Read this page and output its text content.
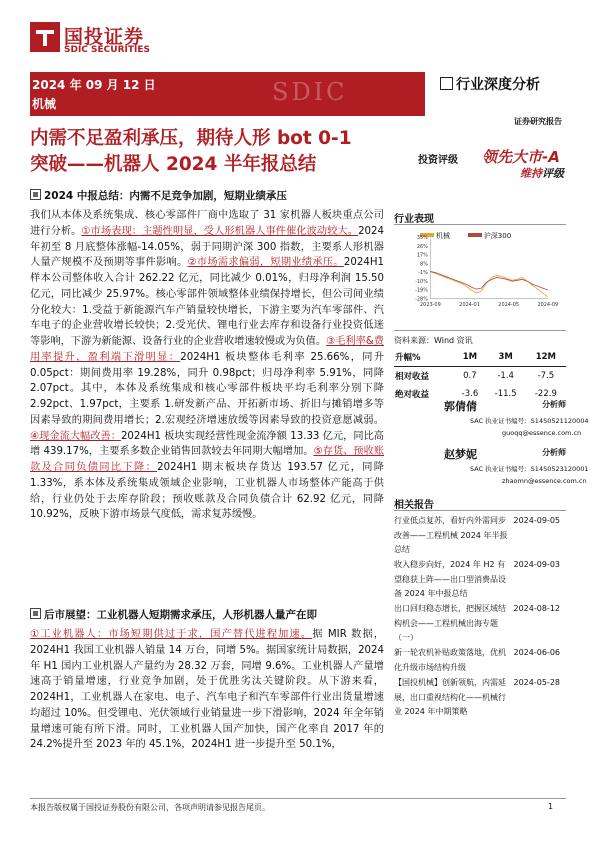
国投证券
SDIC SECURITIES
2024 年 09 月 12 日
机械	SDIC	行业深度分析
证券研究报告
内需不足盈利承压，期待人形 bot 0-1
突破——机器人 2024 半年报总结	投资评级 领先大市-A
维持评级
2024 中报总结：内需不足竞争加剧，短期业绩承压
我们从本体及系统集成、核心零部件厂商中选取了 31 家机器人板块重点公司进行分析。①市场表现：主题性明显，受人形机器人事件催化波动较大。2024 年初至 8 月底整体涨幅-14.05%，弱于同期沪深 300 指数，主要系人形机器人量产规模不及预期等事件影响。②市场需求偏弱，短期业绩承压。2024H1 样本公司整体收入合计 262.22 亿元，同比减少 0.01%，归母净利润 15.50 亿元，同比减少 25.97%。核心零部件领域整体业绩保持增长，但公司间业绩分化较大：1.受益于新能源汽车产销量较快增长，下游主要为汽车零部件、汽车电子的企业营收增长较快；2.受光伏、锂电行业去库存和设备行业投资低迷等影响，下游为新能源、设备行业的企业营收增速较慢或为负值。③毛利率&费用率提升，盈利端下滑明显：2024H1 板块整体毛利率 25.66%，同升 0.05pct：期间费用率 19.28%，同升 0.98pct；归母净利率 5.91%，同降 2.07pct。其中，本体及系统集成和核心零部件板块平均毛利率分别下降 2.92pct、1.97pct，主要系 1.研发新产品、开拓新市场、折旧与摊销增多等因素导致的期间费用增长；2.宏观经济增速放缓等因素导致的投资意愿减弱。④现金流大幅改善：2024H1 板块实现经营性现金流净额 13.33 亿元，同比高增 439.17%，主要系多数企业销售回款较去年同期大幅增加。⑤存货、预收账款及合同负债同比下降：2024H1 期末板块存货达 193.57 亿元，同降 1.33%，系本体及系统集成领域企业影响，工业机器人市场整体产能高于供给，行业仍处于去库存阶段；预收账款及合同负债合计 62.92 亿元，同降 10.92%，反映下游市场景气度低，需求复苏缓慢。
后市展望：工业机器人短期需求承压，人形机器人量产在即
①工业机器人：市场短期供过于求，国产替代进程加速。据 MIR 数据，2024H1 我国工业机器人销量 14 万台，同增 5%。据国家统计局数据，2024 年 H1 国内工业机器人产量约为 28.32 万套，同增 9.6%。工业机器人产量增速高于销量增速，行业竞争加剧，处于优胜劣汰关键阶段。从下游来看，2024H1，工业机器人在家电、电子、汽车电子和汽车零部件行业出货量增速均超过 10%。但受锂电、光伏领域行业销量进一步下滑影响，2024 年全年销量增速可能有所下滑。同时，工业机器人国产加快，国产化率自 2017 年的 24.2%提升至 2023 年的 45.1%，2024H1 进一步提升至 50.1%，
行业表现
机械	沪深300
35%
26%
17%
8%
-1%
-10%
-19%
-28%
2023-09	2024-01	2024-05	2024-09
资料来源：Wind 资讯
升幅%	1M	3M	12M
相对收益	0.7	-1.4	-7.5
绝对收益	-3.6	-11.5	-22.9
郭倩倩	分析师
SAC 执业证书编号：S1450521120004
guoqq@essence.com.cn
赵梦妮	分析师
SAC 执业证书编号：S1450523120001
zhaomn@essence.com.cn
相关报告
行业低点复苏，看好内外需同步改善——工程机械 2024 年半报总结
2024-09-05
收入稳步向好，2024 年 H2 有望稳获上阵——出口型消费品设备 2024 年中报总结
2024-09-03
出口回归稳态增长，把握区域结构机会——工程机械出海专题（一）
2024-08-12
新一轮农机补贴政策落地，优机化升级市场结构升级
2024-06-06
【国投机械】创新领航，内需延展，出口重视结构化——机械行业 2024 年中期策略
2024-05-28
本报告版权属于国投证券股份有限公司，各项声明请参见报告尾页。	1
